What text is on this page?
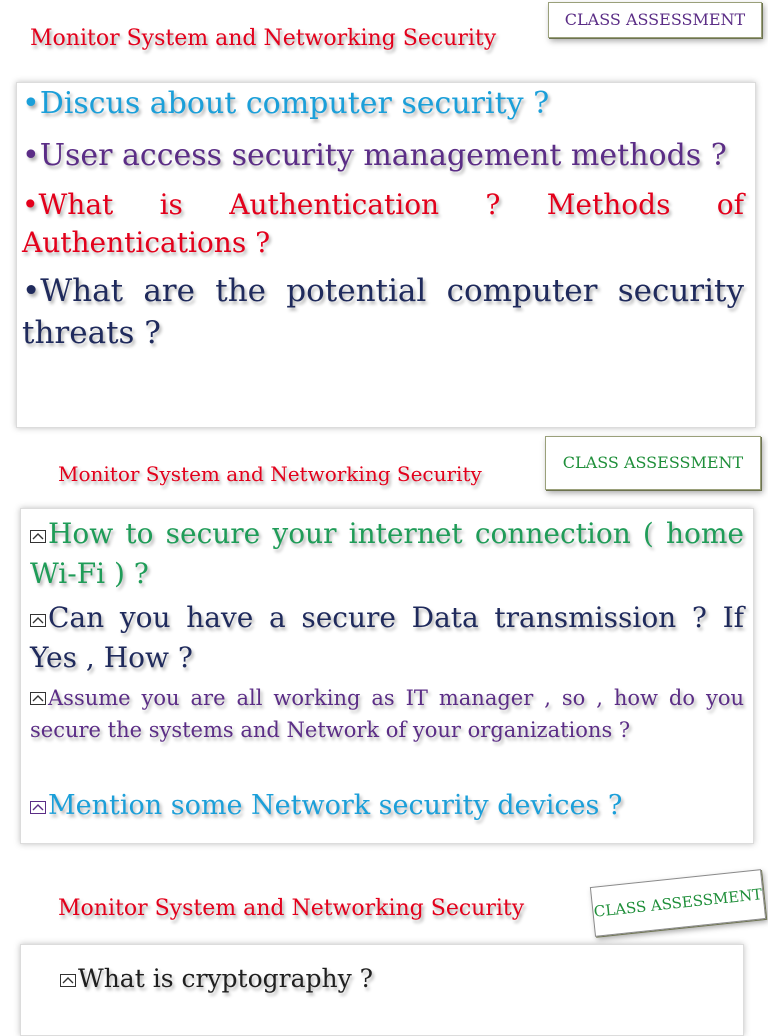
CLASS ASSESSMENT
Monitor System and Networking Security
•Discus about computer security ?
•User access security management methods ?
•What is Authentication ? Methods of Authentications ?
•What are the potential computer security threats ?
CLASS ASSESSMENT
Monitor System and Networking Security
How to secure your internet connection ( home Wi-Fi ) ?
Can you have a secure Data transmission ? If Yes , How ?
Assume you are all working as IT manager , so , how do you secure the systems and Network of your organizations ?
Mention some Network security devices ?
CLASS ASSESSMENT
Monitor System and Networking Security
What is cryptography ?
